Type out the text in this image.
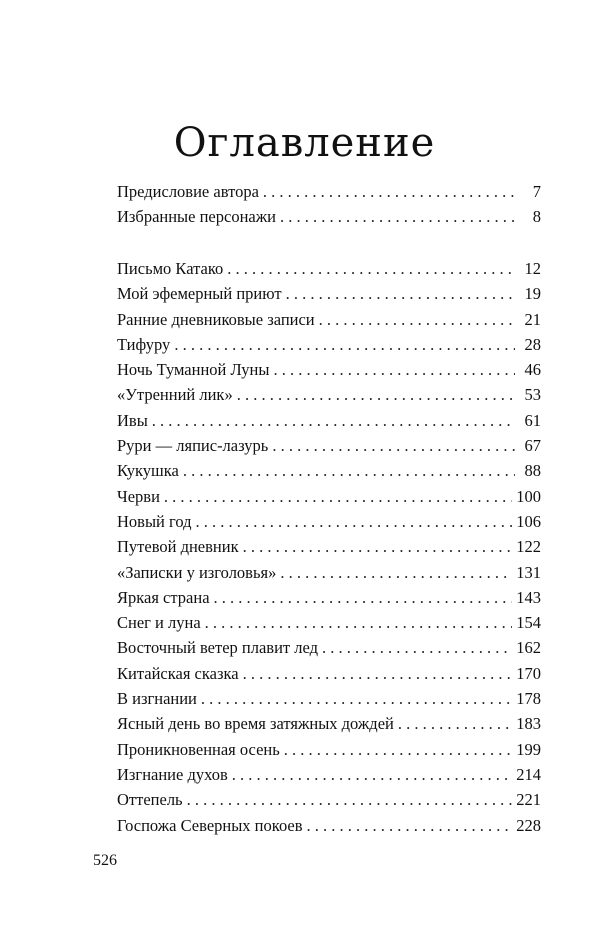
Оглавление
Предисловие автора . . .	7
Избранные персонажи . . .	8
Письмо Катако . . .	12
Мой эфемерный приют . . .	19
Ранние дневниковые записи . . .	21
Тифуру . . .	28
Ночь Туманной Луны . . .	46
«Утренний лик» . . .	53
Ивы . . .	61
Рури — ляпис-лазурь . . .	67
Кукушка . . .	88
Черви . . .	100
Новый год . . .	106
Путевой дневник . . .	122
«Записки у изголовья» . . .	131
Яркая страна . . .	143
Снег и луна . . .	154
Восточный ветер плавит лед . . .	162
Китайская сказка . . .	170
В изгнании . . .	178
Ясный день во время затяжных дождей . . .	183
Проникновенная осень . . .	199
Изгнание духов . . .	214
Оттепель . . .	221
Госпожа Северных покоев . . .	228
526
